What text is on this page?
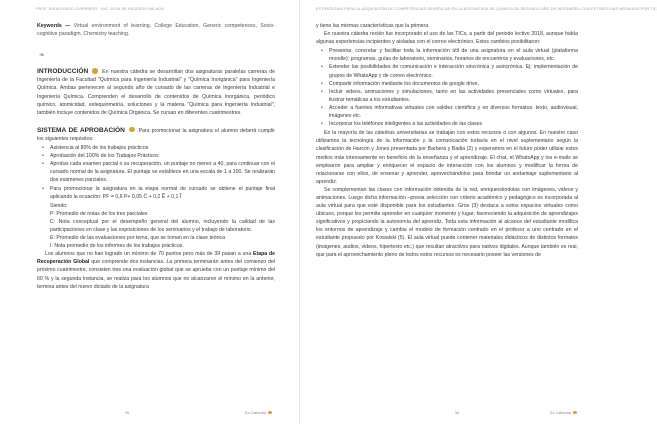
PROF. NIDIA ERAZO GUERRERO · ING. ELSA DE RICARDIS HALAGA
Keywords — Virtual environment of learning, College Education, Generic competences, Socio-cognitive paradigm, Chemistry teaching.
❧
INTRODUCCIÓN	En nuestra cátedra se desarrollan dos asignaturas paralelas carreras de Ingeniería de la Facultad "Química para Ingeniería Industrial" y "Química Inorgánica" para Ingeniería Química. Ambas pertenecen al segundo año de cursado de las carreras de Ingeniería Industrial e Ingeniería Química. Comprenden el desarrollo de contenidos de Química Inorgánica, periódico químico, atomicidad, estequiometría, soluciones y la materia "Química para Ingeniería Industrial", también incluye contenidos de Química Orgánica. Se cursan en diferentes cuatrimestres.
SISTEMA DE APROBACIÓN	Para promocionar la asignatura el alumno deberá cumplir los siguientes requisitos:
• Asistencia al 80% de los trabajos prácticos
• Aprobación del 100% de los Trabajos Prácticos
• Aprobar cada examen parcial o su recuperación, un puntaje no menor a 40, para continuar con el cursado normal de la asignatura. El puntaje se establece en una escala de 1 a 100. Se realizarán dos exámenes parciales.
• Para promocionar la asignatura en la etapa normal de cursado se obtiene el puntaje final aplicando la ecuación: PF = 0,6 P+ 0,05 C̄ + 0,2 E̅ + 0,1 I̅
Siendo:
P: Promedio de notas de los tres parciales
C: Nota conceptual por el desempeño general del alumno, incluyendo la calidad de las participaciones en clase y las exposiciones de los seminarios y el trabajo de laboratorio.
E: Promedio de las evaluaciones por tema, que se toman en la clase teórica
I: Nota promedio de los informes de los trabajos prácticos.
Los alumnos que no han logrado un mínimo de 70 puntos pero más de 39 pasan a una Etapa de Recuperación Global que comprende dos instancias. La primera terminarán antes del comienzo del próximo cuatrimestre, consisten tres una evaluación global que se aprueba con un puntaje mínimo del 60 % y la segunda instancia, se realiza para los alumnos que no alcanzaron el mínimo en la anterior, termina antes del nuevo dictado de la asignatura
95	Ex Cathedra
ESTRATEGIAS PARA LA ADQUISICIÓN DE COMPETENCIAS GENÉRICAS EN LA ASIGNATURA DE QUÍMICA DE SEGUNDO AÑO DE INGENIERÍA CON ESTRATEGIAS MEDIADAS POR TIC
y tiene las mismas características que la primera.
En nuestra cátedra recién fue incorporado el uso de las TICs, a partir del periodo lectivo 2018, aunque había algunas experiencias incipientes y aisladas con el correo electrónico. Estos cambios posibilitaron:
• Presentar, concretar y facilitar toda la información útil de una asignatura en el aula virtual (plataforma moodle): programas, guías de laboratorio, seminarios, horarios de encuentros y evaluaciones, etc.
• Extender las posibilidades de comunicación e interacción sincrónica y asincrónica. Ej: implementación de grupos de WhatsApp y de correo electrónico.
• Compartir información mediante los documentos de google drive,
• Incluir videos, animaciones y simulaciones, tanto en las actividades presenciales como virtuales, para ilustrar temáticas a los estudiantes.
• Acceder a fuentes informativas virtuales con validez científica y en diversos formatos: texto, audiovisual, imágenes etc.
• Incorporar los teléfonos inteligentes a las actividades de las clases
En la mayoría de las cátedras universitarias se trabajan con estos recursos o con algunos. En nuestro caso utilizamos la tecnología de la información y la comunicación todavía en el nivel suplementario según la clasificación de Harcon y Jones presentada por Barberà y Badia (2) y esperamos en el futuro poder utilizar estos medios más intensamente en beneficio de la enseñanza y el aprendizaje. El chat, el WhatsApp y los e-mails se emplearon para ampliar y enriquecer el espacio de interacción con los alumnos y modificar la forma de relacionarse con ellos, de ensenar y aprender, aprovechándolos para brindar un andamiaje suplementario al aprendiz.
Se complementan las clases con información obtenida de la red, enriqueciéndolas con imágenes, videos y animaciones. Luego dicha información –previa selección con criterio académico y pedagógico es incorporada al aula virtual para que esté disponible para los estudiantes. Gros (3) destaca a estos espacios virtuales como ubicuos, porque les permite aprender en cualquier momento y lugar, favoreciendo la adquisición de aprendizajes significativos y propiciando la autonomía del aprendiz. Toda esta información al alcance del estudiante modifica los entornos de aprendizaje y cambia el modelo de formación centrado en el profesor a uno centrado en el estudiante propuesto por Kowalski (5). El aula virtual puede contener materiales didácticos de distintos formatos (imágenes, audios, videos, hipertexto etc.) que resultan atractivos para nativos digitales. Aunque también es real, que para el aprovechamiento pleno de todos estos recursos es necesario poseer las versiones de
96	Ex Cathedra
